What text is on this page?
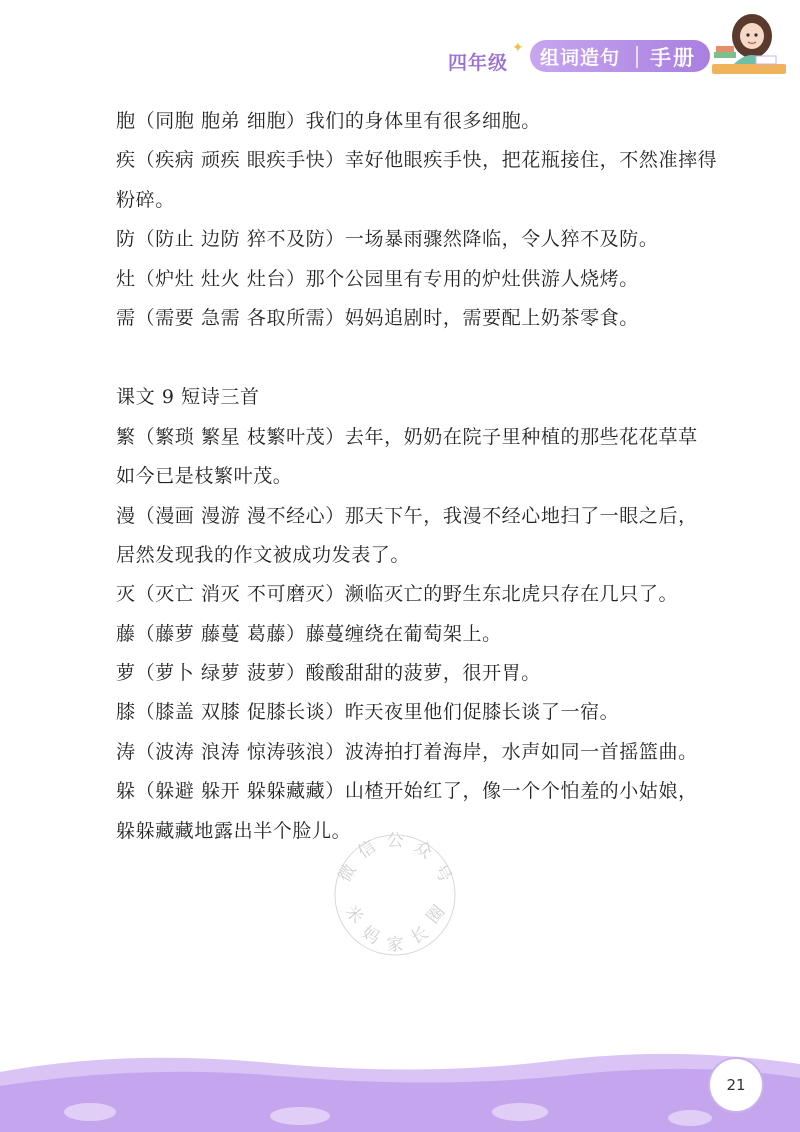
四年级
✦ 组词造句 手册
胞（同胞 胞弟 细胞）我们的身体里有很多细胞。
疾（疾病 顽疾 眼疾手快）幸好他眼疾手快，把花瓶接住，不然准摔得
粉碎。
防（防止 边防 猝不及防）一场暴雨骤然降临，令人猝不及防。
灶（炉灶 灶火 灶台）那个公园里有专用的炉灶供游人烧烤。
需（需要 急需 各取所需）妈妈追剧时，需要配上奶茶零食。
课文 9 短诗三首
繁（繁琐 繁星 枝繁叶茂）去年，奶奶在院子里种植的那些花花草草
如今已是枝繁叶茂。
漫（漫画 漫游 漫不经心）那天下午，我漫不经心地扫了一眼之后，
居然发现我的作文被成功发表了。
灭（灭亡 消灭 不可磨灭）濒临灭亡的野生东北虎只存在几只了。
藤（藤萝 藤蔓 葛藤）藤蔓缠绕在葡萄架上。
萝（萝卜 绿萝 菠萝）酸酸甜甜的菠萝，很开胃。
膝（膝盖 双膝 促膝长谈）昨天夜里他们促膝长谈了一宿。
涛（波涛 浪涛 惊涛骇浪）波涛拍打着海岸，水声如同一首摇篮曲。
躲（躲避 躲开 躲躲藏藏）山楂开始红了，像一个个怕羞的小姑娘，
躲躲藏藏地露出半个脸儿。
微
信 公 众
号
米
妈 家 长
圈
21
